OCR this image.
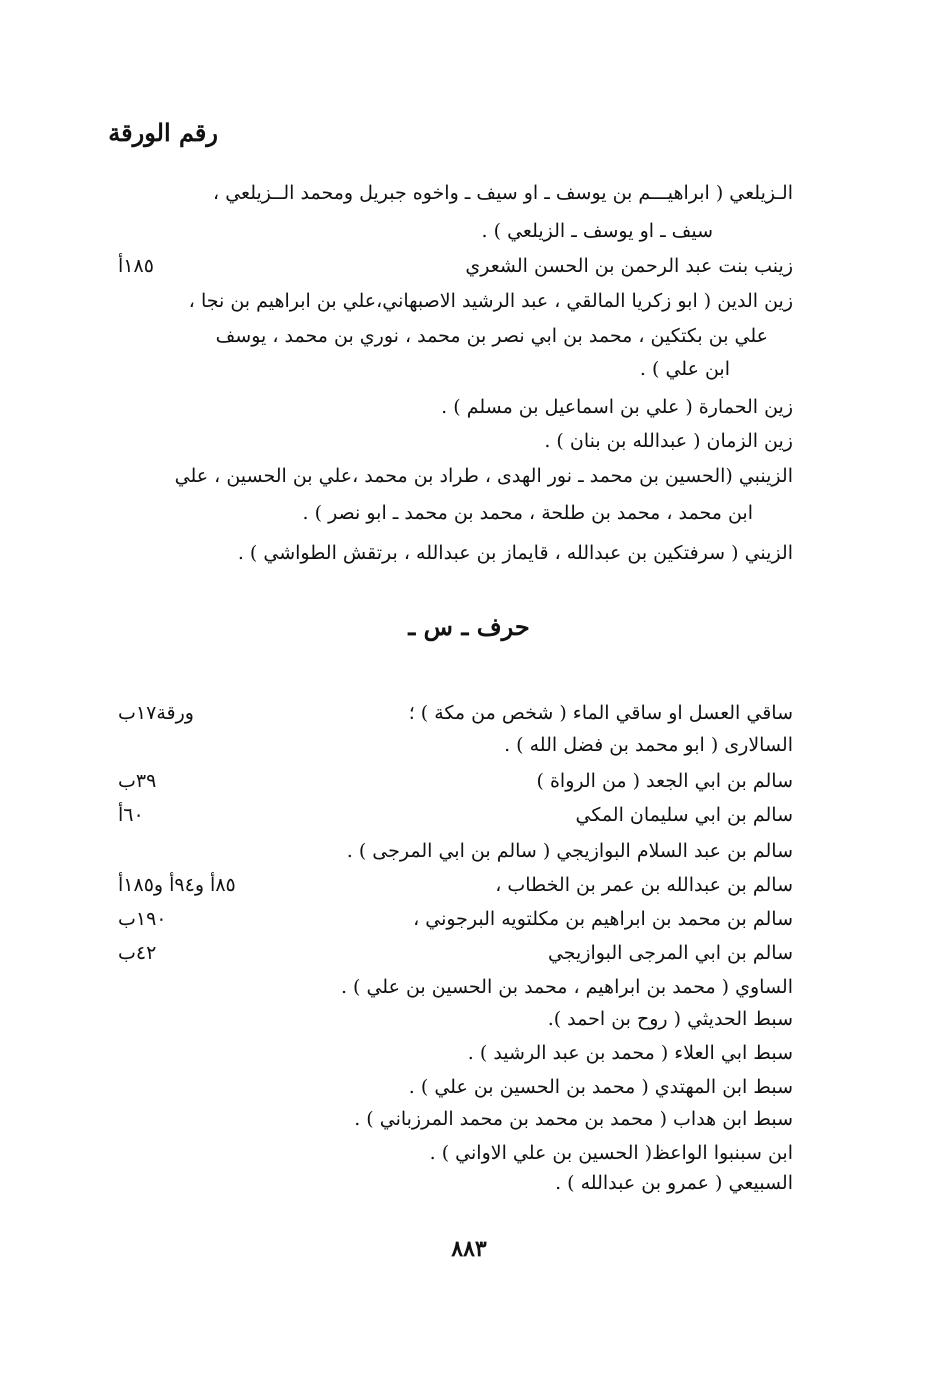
رقم الورقة
الـزيلعي ( ابراهيـــم بن يوسف ـ او سيف ـ واخوه جبريل ومحمد الــزيلعي ،
سيف ـ او يوسف ـ الزيلعي ) .
زينب بنت عبد الرحمن بن الحسن الشعري
١٨٥أ
زين الدين ( ابو زكريا المالقي ، عبد الرشيد الاصبهاني،علي بن ابراهيم بن نجا ،
علي بن بكتكين ، محمد بن ابي نصر بن محمد ، نوري بن محمد ، يوسف
ابن علي ) .
زين الحمارة ( علي بن اسماعيل بن مسلم ) .
زين الزمان ( عبدالله بن بنان ) .
الزينبي (الحسين بن محمد ـ نور الهدى ، طراد بن محمد ،علي بن الحسين ، علي
ابن محمد ، محمد بن طلحة ، محمد بن محمد ـ ابو نصر ) .
الزيني ( سرفتكين بن عبدالله ، قايماز بن عبدالله ، برتقش الطواشي ) .
حرف ـ س ـ
ساقي العسل او ساقي الماء ( شخص من مكة ) ؛
ورقة١٧ب
السالارى ( ابو محمد بن فضل الله ) .
سالم بن ابي الجعد ( من الرواة )
٣٩ب
سالم بن ابي سليمان المكي
٦٠أ
سالم بن عبد السلام البوازيجي ( سالم بن ابي المرجى ) .
سالم بن عبدالله بن عمر بن الخطاب ،
٨٥أ و٩٤أ و١٨٥أ
سالم بن محمد بن ابراهيم بن مكلتويه البرجوني ،
١٩٠ب
سالم بن ابي المرجى البوازيجي
٤٢ب
الساوي ( محمد بن ابراهيم ، محمد بن الحسين بن علي ) .
سبط الحديثي ( روح بن احمد ).
سبط ابي العلاء ( محمد بن عبد الرشيد ) .
سبط ابن المهتدي ( محمد بن الحسين بن علي ) .
سبط ابن هداب ( محمد بن محمد بن محمد المرزباني ) .
ابن سبنبوا الواعظ( الحسين بن علي الاواني ) .
السبيعي ( عمرو بن عبدالله ) .
٨٨٣
